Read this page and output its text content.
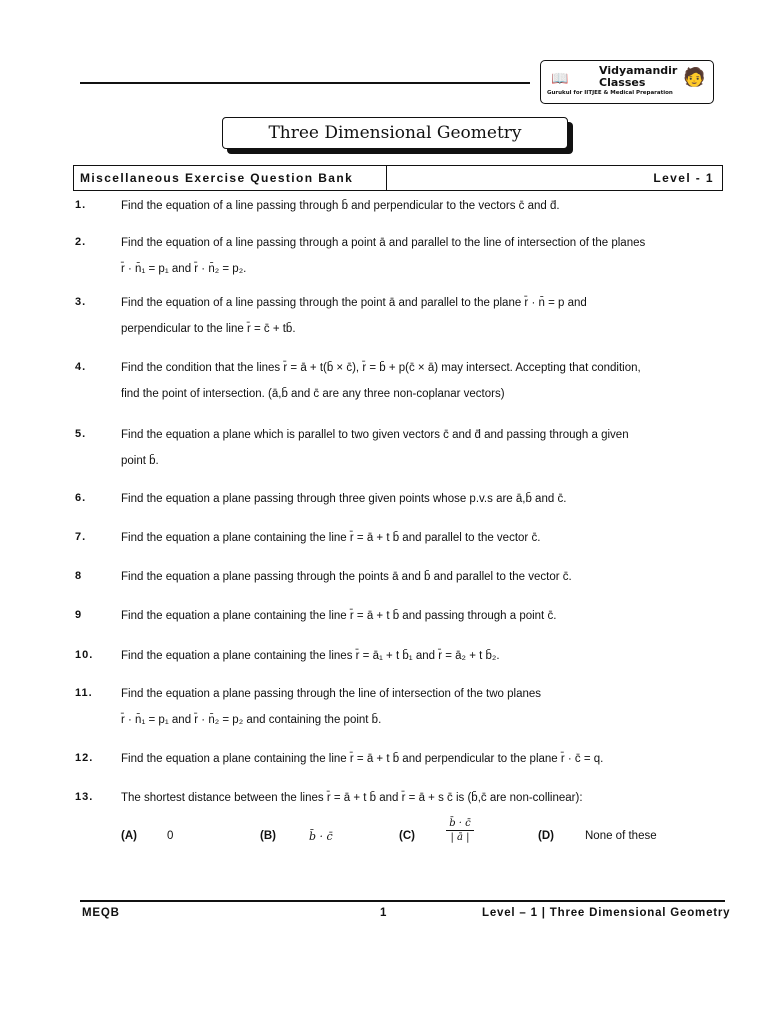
📖	Vidyamandir
Classes
Gurukul for IITJEE & Medical Preparation
🧑
Three Dimensional Geometry
Miscellaneous Exercise Question Bank	Level - 1
1.	Find the equation of a line passing through b̄ and perpendicular to the vectors c̄ and d̄.
2.	Find the equation of a line passing through a point ā and parallel to the line of intersection of the planes
r̄ · n̄₁ = p₁ and r̄ · n̄₂ = p₂.
3.	Find the equation of a line passing through the point ā and parallel to the plane r̄ · n̄ = p and
perpendicular to the line r̄ = c̄ + tb̄.
4.	Find the condition that the lines r̄ = ā + t(b̄ × c̄), r̄ = b̄ + p(c̄ × ā) may intersect. Accepting that condition,
find the point of intersection. (ā,b̄ and c̄ are any three non-coplanar vectors)
5.	Find the equation a plane which is parallel to two given vectors c̄ and d̄ and passing through a given
point b̄.
6.	Find the equation a plane passing through three given points whose p.v.s are ā,b̄ and c̄.
7.	Find the equation a plane containing the line r̄ = ā + t b̄ and parallel to the vector c̄.
8	Find the equation a plane passing through the points ā and b̄ and parallel to the vector c̄.
9	Find the equation a plane containing the line r̄ = ā + t b̄ and passing through a point c̄.
10. Find the equation a plane containing the lines r̄ = ā₁ + t b̄₁ and r̄ = ā₂ + t b̄₂.
11. Find the equation a plane passing through the line of intersection of the two planes
r̄ · n̄₁ = p₁ and r̄ · n̄₂ = p₂ and containing the point b̄.
12. Find the equation a plane containing the line r̄ = ā + t b̄ and perpendicular to the plane r̄ · c̄ = q.
13. The shortest distance between the lines r̄ = ā + t b̄ and r̄ = ā + s c̄ is (b̄,c̄ are non-collinear):
(A)	0	(B)	b̄ · c̄	(C)	(D)	None of these
b̄ · c̄
| ā |
MEQB	1	Level – 1 | Three Dimensional Geometry
